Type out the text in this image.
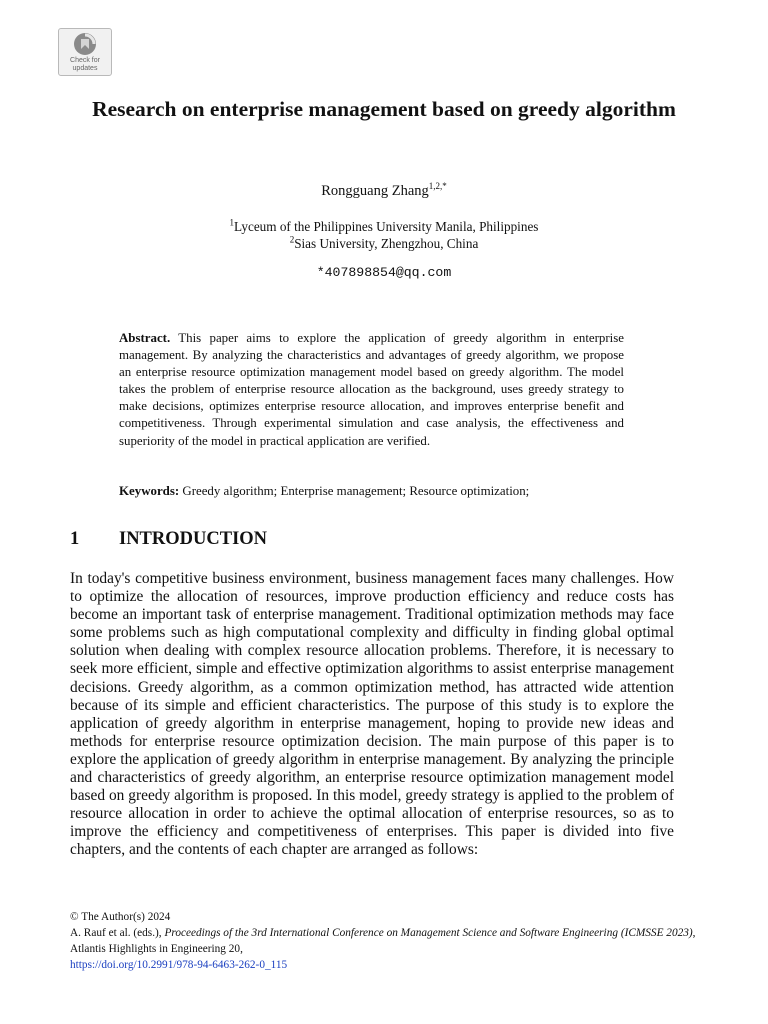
Check for
updates
Research on enterprise management based on greedy algorithm
Rongguang Zhang$^{1,2,*}$
$^1$Lyceum of the Philippines University Manila, Philippines
$^2$Sias University, Zhengzhou, China
*407898854@qq.com
Abstract. This paper aims to explore the application of greedy algorithm in enterprise management. By analyzing the characteristics and advantages of greedy algorithm, we propose an enterprise resource optimization management model based on greedy algorithm. The model takes the problem of enterprise resource allocation as the background, uses greedy strategy to make decisions, optimizes enterprise resource allocation, and improves enterprise benefit and competitiveness. Through experimental simulation and case analysis, the effectiveness and superiority of the model in practical application are verified.
Keywords: Greedy algorithm; Enterprise management; Resource optimization;
1 INTRODUCTION
In today's competitive business environment, business management faces many challenges. How to optimize the allocation of resources, improve production efficiency and reduce costs has become an important task of enterprise management. Traditional optimization methods may face some problems such as high computational complexity and difficulty in finding global optimal solution when dealing with complex resource allocation problems. Therefore, it is necessary to seek more efficient, simple and effective optimization algorithms to assist enterprise management decisions. Greedy algorithm, as a common optimization method, has attracted wide attention because of its simple and efficient characteristics. The purpose of this study is to explore the application of greedy algorithm in enterprise management, hoping to provide new ideas and methods for enterprise resource optimization decision. The main purpose of this paper is to explore the application of greedy algorithm in enterprise management. By analyzing the principle and characteristics of greedy algorithm, an enterprise resource optimization management model based on greedy algorithm is proposed. In this model, greedy strategy is applied to the problem of resource allocation in order to achieve the optimal allocation of enterprise resources, so as to improve the efficiency and competitiveness of enterprises. This paper is divided into five chapters, and the contents of each chapter are arranged as follows:
© The Author(s) 2024
A. Rauf et al. (eds.), Proceedings of the 3rd International Conference on Management Science and Software Engineering (ICMSSE 2023), Atlantis Highlights in Engineering 20,
https://doi.org/10.2991/978-94-6463-262-0_115
